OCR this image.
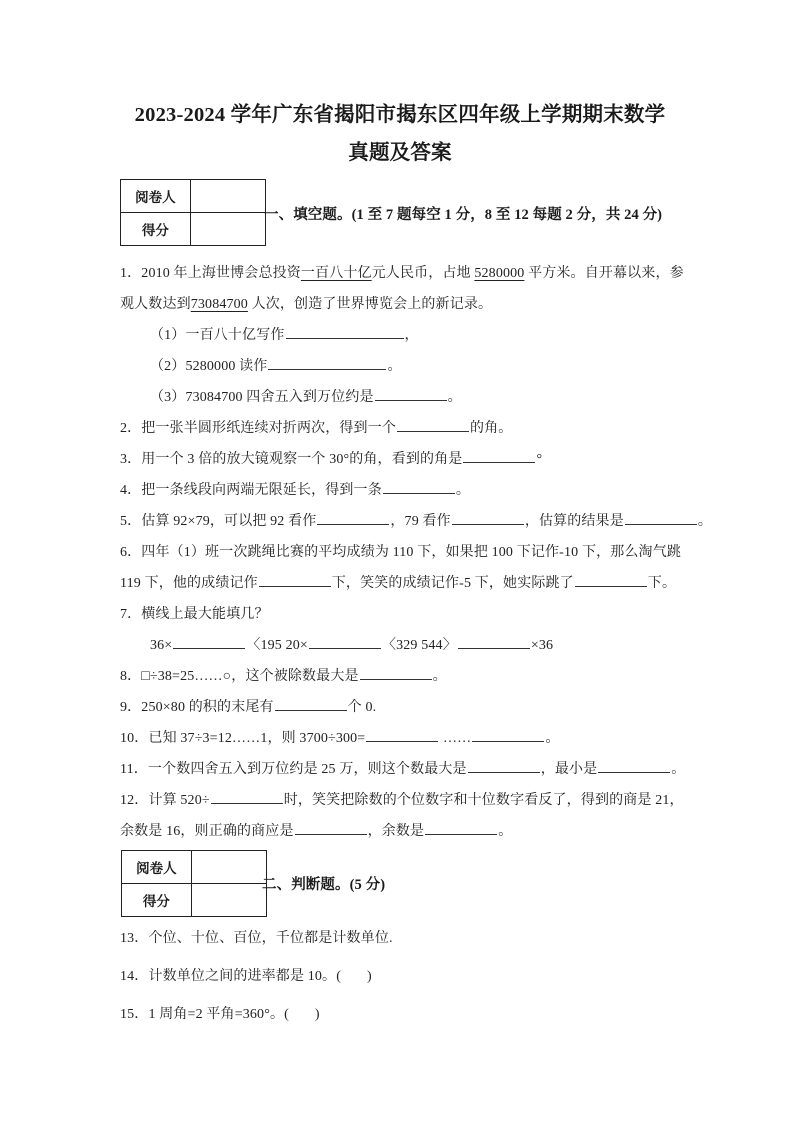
2023-2024 学年广东省揭阳市揭东区四年级上学期期末数学
真题及答案
阅卷人	
得分	
一、填空题。(1 至 7 题每空 1 分，8 至 12 每题 2 分，共 24 分)
1．2010 年上海世博会总投资一百八十亿元人民币，占地 5280000 平方米。自开幕以来，参观人数达到73084700 人次，创造了世界博览会上的新记录。
（1）一百八十亿写作	，
（2）5280000 读作	。
（3）73084700 四舍五入到万位约是	。
2．把一张半圆形纸连续对折两次，得到一个	的角。
3．用一个 3 倍的放大镜观察一个 30°的角，看到的角是	°
4．把一条线段向两端无限延长，得到一条	。
5．估算 92×79，可以把 92 看作	，79 看作	，估算的结果是	。
6．四年（1）班一次跳绳比赛的平均成绩为 110 下，如果把 100 下记作-10 下，那么淘气跳 119 下，他的成绩记作	下，笑笑的成绩记作-5 下，她实际跳了	下。
7．横线上最大能填几？
36×	〈195 20×	〈329 544〉	×36
8．□÷38=25……○，这个被除数最大是	。
9．250×80 的积的末尾有	个 0.
10．已知 37÷3=12……1，则 3700÷300=	……	。
11．一个数四舍五入到万位约是 25 万，则这个数最大是	，最小是	。
12．计算 520÷	时，笑笑把除数的个位数字和十位数字看反了，得到的商是 21，余数是 16，则正确的商应是	，余数是	。
阅卷人	
得分	
二、判断题。(5 分)
13．个位、十位、百位，千位都是计数单位.
14．计数单位之间的进率都是 10。( )
15．1 周角=2 平角=360°。( )
